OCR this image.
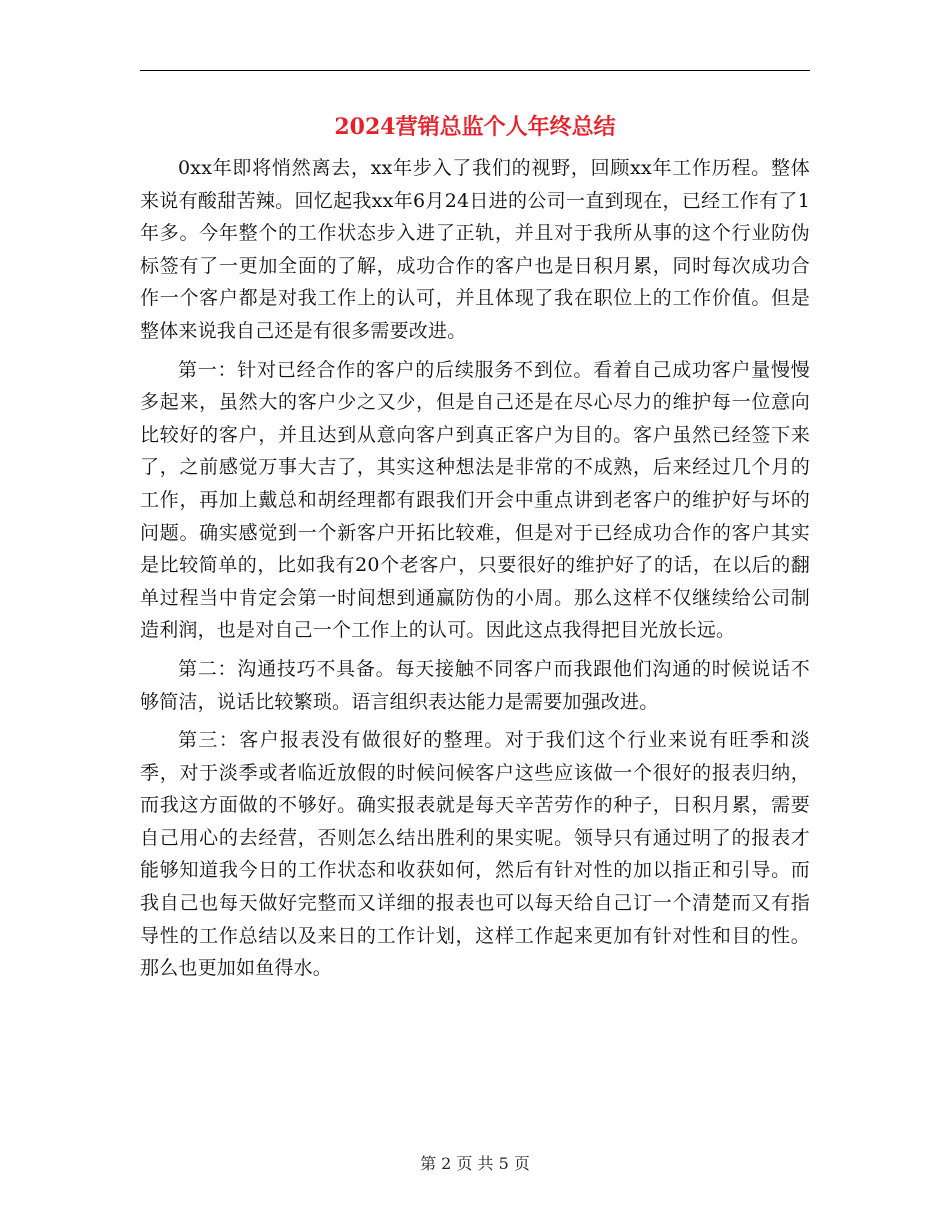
2024营销总监个人年终总结

0xx年即将悄然离去，xx年步入了我们的视野，回顾xx年工作历程。整体来说有酸甜苦辣。回忆起我xx年6月24日进的公司一直到现在，已经工作有了1年多。今年整个的工作状态步入进了正轨，并且对于我所从事的这个行业防伪标签有了一更加全面的了解，成功合作的客户也是日积月累，同时每次成功合作一个客户都是对我工作上的认可，并且体现了我在职位上的工作价值。但是整体来说我自己还是有很多需要改进。

第一：针对已经合作的客户的后续服务不到位。看着自己成功客户量慢慢多起来，虽然大的客户少之又少，但是自己还是在尽心尽力的维护每一位意向比较好的客户，并且达到从意向客户到真正客户为目的。客户虽然已经签下来了，之前感觉万事大吉了，其实这种想法是非常的不成熟，后来经过几个月的工作，再加上戴总和胡经理都有跟我们开会中重点讲到老客户的维护好与坏的问题。确实感觉到一个新客户开拓比较难，但是对于已经成功合作的客户其实是比较简单的，比如我有20个老客户，只要很好的维护好了的话，在以后的翻单过程当中肯定会第一时间想到通赢防伪的小周。那么这样不仅继续给公司制造利润，也是对自己一个工作上的认可。因此这点我得把目光放长远。

第二：沟通技巧不具备。每天接触不同客户而我跟他们沟通的时候说话不够简洁，说话比较繁琐。语言组织表达能力是需要加强改进。

第三：客户报表没有做很好的整理。对于我们这个行业来说有旺季和淡季，对于淡季或者临近放假的时候问候客户这些应该做一个很好的报表归纳，而我这方面做的不够好。确实报表就是每天辛苦劳作的种子，日积月累，需要自己用心的去经营，否则怎么结出胜利的果实呢。领导只有通过明了的报表才能够知道我今日的工作状态和收获如何，然后有针对性的加以指正和引导。而我自己也每天做好完整而又详细的报表也可以每天给自己订一个清楚而又有指导性的工作总结以及来日的工作计划，这样工作起来更加有针对性和目的性。那么也更加如鱼得水。

第 2 页 共 5 页
